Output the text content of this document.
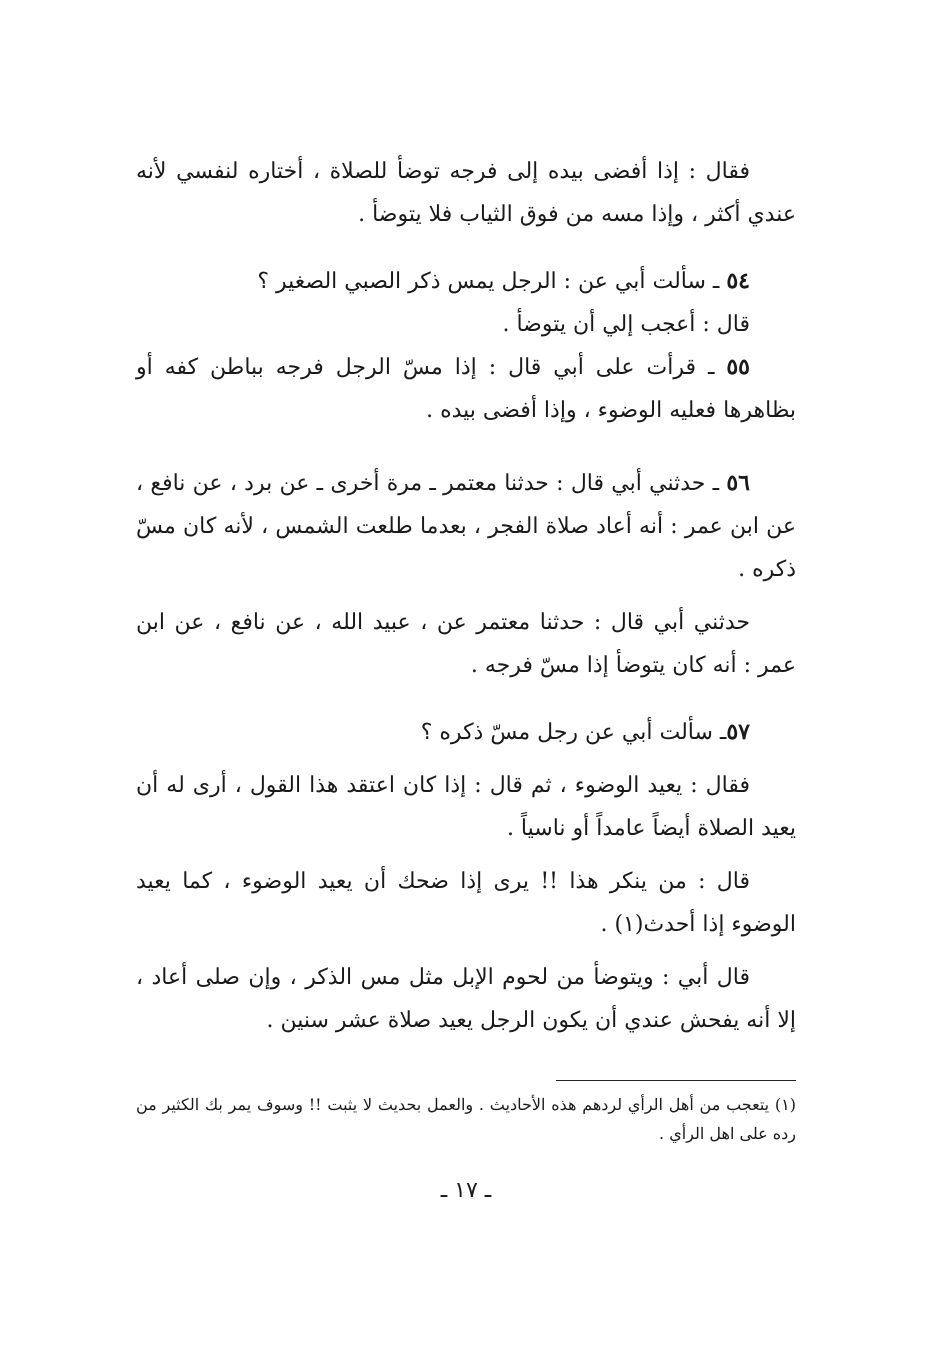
فقال : إذا أفضى بيده إلى فرجه توضأ للصلاة ، أختاره لنفسي لأنه عندي أكثر ، وإذا مسه من فوق الثياب فلا يتوضأ .

٥٤ ـ سألت أبي عن : الرجل يمس ذكر الصبي الصغير ؟

قال : أعجب إلي أن يتوضأ .

٥٥ ـ قرأت على أبي قال : إذا مسّ الرجل فرجه بباطن كفه أو بظاهرها فعليه الوضوء ، وإذا أفضى بيده .

٥٦ ـ حدثني أبي قال : حدثنا معتمر ـ مرة أخرى ـ عن برد ، عن نافع ، عن ابن عمر : أنه أعاد صلاة الفجر ، بعدما طلعت الشمس ، لأنه كان مسّ ذكره .

حدثني أبي قال : حدثنا معتمر عن ، عبيد الله ، عن نافع ، عن ابن عمر : أنه كان يتوضأ إذا مسّ فرجه .

٥٧ـ سألت أبي عن رجل مسّ ذكره ؟

فقال : يعيد الوضوء ، ثم قال : إذا كان اعتقد هذا القول ، أرى له أن يعيد الصلاة أيضاً عامداً أو ناسياً .

قال : من ينكر هذا !! يرى إذا ضحك أن يعيد الوضوء ، كما يعيد الوضوء إذا أحدث(١) .

قال أبي : ويتوضأ من لحوم الإبل مثل مس الذكر ، وإن صلى أعاد ، إلا أنه يفحش عندي أن يكون الرجل يعيد صلاة عشر سنين .

(١) يتعجب من أهل الرأي لردهم هذه الأحاديث . والعمل بحديث لا يثبت !! وسوف يمر بك الكثير من رده على اهل الرأي .

ـ ١٧ ـ
